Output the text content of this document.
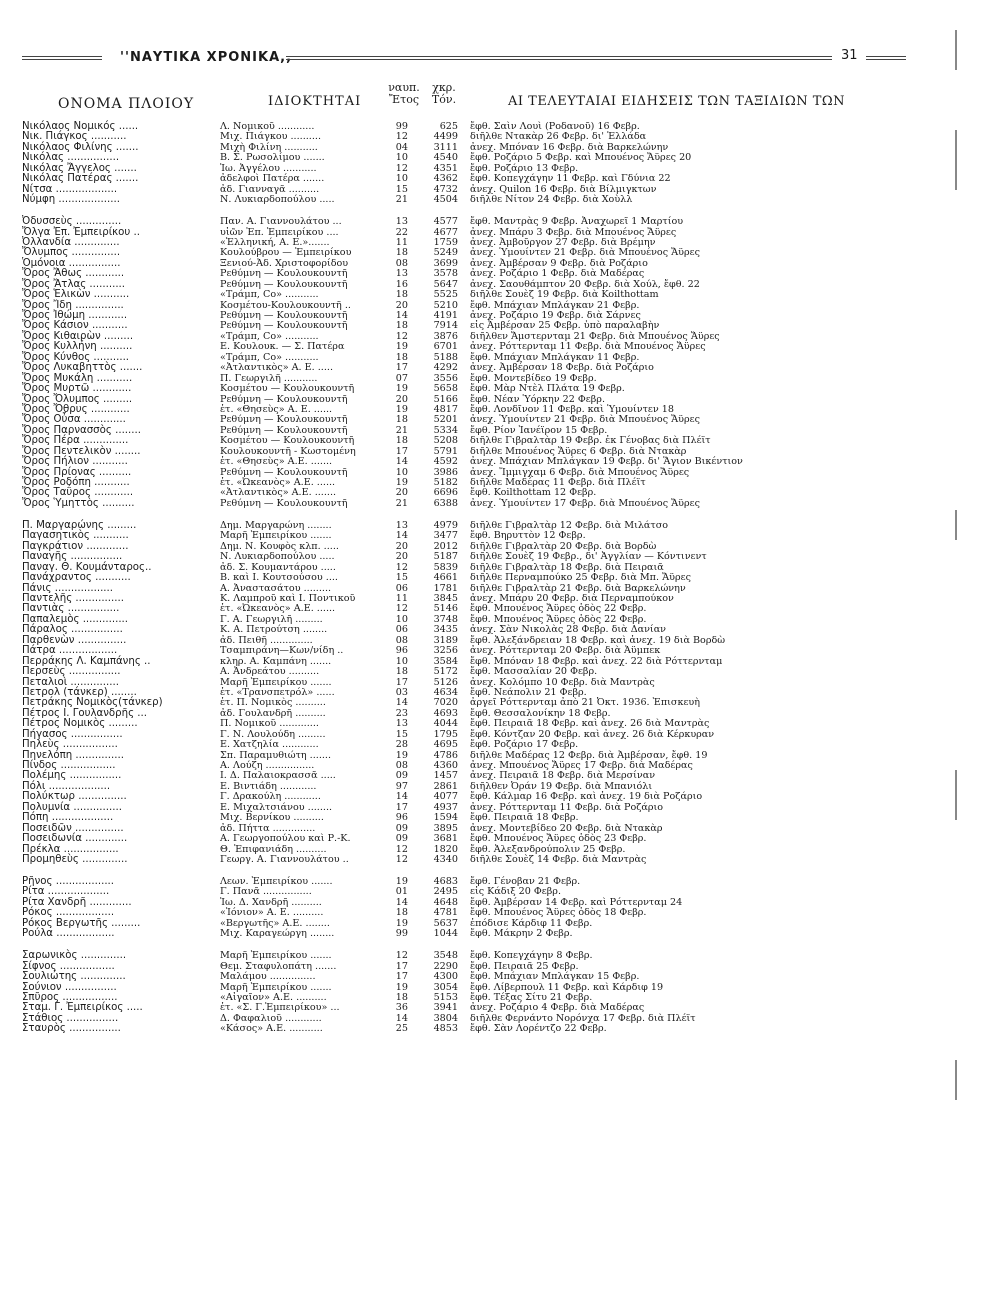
''ΝΑΥΤΙΚΑ ΧΡΟΝΙΚΑ,,	31
ΟΝΟΜΑ ΠΛΟΙΟΥ	ΙΔΙΟΚΤΗΤΑΙ
ναυπ.
Ἔτος
χκρ.
Τόν.	ΑΙ ΤΕΛΕΥΤΑΙΑΙ ΕΙΔΗΣΕΙΣ ΤΩΝ ΤΑΞΙΔΙΩΝ ΤΩΝ
Νικόλαος Νομικός ......	Λ. Νομικοῦ ............	99	625 ἔφθ. Σαὶν Λουὶ (Ροδανοῦ) 16 Φεβρ.
Νικ. Πιάγκος ...........	Μιχ. Πιάγκου ..........	12	4499 διῆλθε Ντακὰρ 26 Φεβρ. δι' Ἑλλάδα
Νικόλαος Φιλίνης .......	Μιχὴ Φιλίνη ...........	04	3111 ἀνεχ. Μπόναν 16 Φεβρ. διὰ Βαρκελώνην
Νικόλας ................	Β. Σ. Ρωσολίμου .......	10	4540 ἔφθ. Ροζάριο 5 Φεβρ. καὶ Μπουένος Ἄϋρες 20
Νικόλας Ἄγγελος .......	Ἰω. Ἀγγέλου ...........	12	4351 ἔφθ. Ροζάριο 13 Φεβρ.
Νικόλας Πατέρας .......	ἀδελφοὶ Πατέρα .......	10	4362 ἔφθ. Κοπεγχάγην 11 Φεβρ. καὶ Γδύνια 22
Νίτσα ...................	ἀδ. Γιανναγᾶ ..........	15	4732 ἀνεχ. Quilon 16 Φεβρ. διὰ Βίλμιγκτων
Νύμφη ...................	Ν. Λυκιαρδοπούλου .....	21	4504 διῆλθε Νίτον 24 Φεβρ. διὰ Χοὺλλ
Ὀδυσσεὺς ..............	Παν. Α. Γιαννουλάτου ...	13	4577 ἔφθ. Μαντρὰς 9 Φεβρ. Ἀναχωρεῖ 1 Μαρτίου
Ὄλγα Ἐπ. Ἐμπειρίκου ..	υἱῶν Ἐπ. Ἐμπειρίκου ....	22	4677 ἀνεχ. Μπάρυ 3 Φεβρ. διὰ Μπουένος Ἄϋρες
Ὀλλανδία ..............	«Ἑλληνική, Α. Ε.».......	11	1759 ἀνεχ. Ἀμβοῦργον 27 Φεβρ. διὰ Βρέμην
Ὄλυμπος ...............	Κουλούβρου — Ἐμπειρίκου	18	5249 ἀνεχ. Ὑμουίντεν 21 Φεβρ. διὰ Μπουένος Ἄϋρες
Ὁμόνοια ................	Ξενιού-Ἀδ. Χριστοφορίδου	08	3699 ἀνεχ. Ἀμβέρσαν 9 Φεβρ. διὰ Ροζάριο
Ὄρος Ἄθως ............	Ρεθύμνη — Κουλουκουντῆ	13	3578 ἀνεχ. Ροζάριο 1 Φεβρ. διὰ Μαδέρας
Ὄρος Ἄτλας ...........	Ρεθύμνη — Κουλουκουντῆ	16	5647 ἀνεχ. Σαουθάμπτον 20 Φεβρ. διὰ Χούλ, ἔφθ. 22
Ὄρος Ἑλικὼν ...........	«Τράμπ, Co» ...........	18	5525 διῆλθε Σουὲζ 19 Φεβρ. διὰ Koilthottam
Ὄρος Ἴδη ...............	Κοσμέτου-Κουλουκουντῆ ..	20	5210 ἔφθ. Μπάχιαν Μπλάγκαν 21 Φεβρ.
Ὄρος Ἰθώμη ............	Ρεθύμνη — Κουλουκουντῆ	14	4191 ἀνεχ. Ροζάριο 19 Φεβρ. διὰ Σάρνες
Ὄρος Κάσιον ...........	Ρεθύμνη — Κουλουκουντῆ	18	7914 εἰς Ἀμβέρσαν 25 Φεβρ. ὑπὸ παραλαβὴν
Ὄρος Κιθαιρὼν .........	«Τράμπ, Co» ...........	12	3876 διῆλθεν Ἄμστερνταμ 21 Φεβρ. διὰ Μπουένος Ἄϋρες
Ὄρος Κυλλήνη ..........	Ε. Κουλουκ. — Σ. Πατέρα	19	6701 ἀνεχ. Ρόττερνταμ 11 Φεβρ. διὰ Μπουένος Ἄϋρες
Ὄρος Κύνθος ...........	«Τράμπ, Co» ...........	18	5188 ἔφθ. Μπάχιαν Μπλάγκαν 11 Φεβρ.
Ὄρος Λυκαβηττὸς .......	«Ἀτλαντικὸς» Α. Ε. .....	17	4292 ἀνεχ. Ἀμβέρσαν 18 Φεβρ. διὰ Ροζάριο
Ὄρος Μυκάλη ...........	Π. Γεωργιλῆ ...........	07	3556 ἔφθ. Μοντεβίδεο 19 Φεβρ.
Ὄρος Μυρτῶ ............	Κοσμέτου — Κουλουκουντῆ	19	5658 ἔφθ. Μὰρ Ντὲλ Πλάτα 19 Φεβρ.
Ὄρος Ὄλυμπος .........	Ρεθύμνη — Κουλουκουντῆ	20	5166 ἔφθ. Νέαν Ὑόρκην 22 Φεβρ.
Ὄρος Ὄθρυς ............	ἑτ. «Θησεὺς» Α. Ε. ......	19	4817 ἔφθ. Λονδῖνον 11 Φεβρ. καὶ Ὑμουίντεν 18
Ὄρος Οὖσα .............	Ρεθύμνη — Κουλουκουντῆ	18	5201 ἀνεχ. Ὑμουίντεν 21 Φεβρ. διὰ Μπουένος Ἄϋρες
Ὄρος Παρνασσὸς ........	Ρεθύμνη — Κουλουκουντῆ	21	5334 ἔφθ. Ρίον Ἰανέϊρον 15 Φεβρ.
Ὄρος Πέρα ..............	Κοσμέτου — Κουλουκουντῆ	18	5208 διῆλθε Γιβραλτὰρ 19 Φεβρ. ἐκ Γένοβας διὰ Πλέϊτ
Ὄρος Πεντελικὸν ........	Κουλουκουντῆ - Κωστομένη	17	5791 διῆλθε Μπουένος Ἄϋρες 6 Φεβρ. διὰ Ντακὰρ
Ὄρος Πήλιον ...........	ἑτ. «Θησεὺς» Α.Ε. .......	14	4592 ἀνεχ. Μπάχιαν Μπλάγκαν 19 Φεβρ. δι' Ἅγιον Βικέντιον
Ὄρος Πρίονας ..........	Ρεθύμνη — Κουλουκουντῆ	10	3986 ἀνεχ. Ἴμμιγχαμ 6 Φεβρ. διὰ Μπουένος Ἄϋρες
Ὄρος Ροδόπη ...........	ἑτ. «Ὠκεανὸς» Α.Ε. ......	19	5182 διῆλθε Μαδέρας 11 Φεβρ. διὰ Πλέϊτ
Ὄρος Ταΰρος ............	«Ἀτλαντικὸς» Α.Ε. .......	20	6696 ἔφθ. Koilthottam 12 Φεβρ.
Ὄρος Ὑμηττὸς ..........	Ρεθύμνη — Κουλουκουντῆ	21	6388 ἀνεχ. Ὑμουίντεν 17 Φεβρ. διὰ Μπουένος Ἄϋρες
Π. Μαργαρώνης .........	Δημ. Μαργαρώνη ........	13	4979 διῆλθε Γιβραλτὰρ 12 Φεβρ. διὰ Μιλάτσο
Παγασητικὸς ...........	Μαρῆ Ἐμπειρίκου .......	14	3477 ἔφθ. Βηρυττὸν 12 Φεβρ.
Παγκράτιον .............	Δημ. Ν. Κουφὸς κλπ. .....	20	2012 διῆλθε Γιβραλτὰρ 20 Φεβρ. διὰ Βορδὼ
Παναγῆς ................	Ν. Λυκιαρδοπούλου .....	20	5187 διῆλθε Σουὲζ 19 Φεβρ., δι' Ἀγγλίαν — Κόντινεντ
Παναγ. Θ. Κουμάνταρος..	ἀδ. Σ. Κουμαντάρου .....	12	5839 διῆλθε Γιβραλτὰρ 18 Φεβρ. διὰ Πειραιᾶ
Πανάχραντος ...........	Β. καὶ Ι. Κουτσούσου ....	15	4661 διῆλθε Περναμπούκο 25 Φεβρ. διὰ Μπ. Ἄϋρες
Πάνις ..................	Α. Ἀναστασάτου .........	06	1781 διῆλθε Γιβραλτὰρ 21 Φεβρ. διὰ Βαρκελώνην
Παντελῆς ...............	Κ. Λαμπροῦ καὶ Ι. Ποντικοῦ	11	3845 ἀνεχ. Μπάρυ 20 Φεβρ. διὰ Περναμπούκον
Παντιὰς ................	ἑτ. «Ὠκεανὸς» Α.Ε. ......	12	5146 ἔφθ. Μπουένος Ἄϋρες ὁδὸς 22 Φεβρ.
Παπαλεμὸς ..............	Γ. Α. Γεωργιλῆ .........	10	3748 ἔφθ. Μπουένος Ἄϋρες ὁδὸς 22 Φεβρ.
Πάραλος ................	Κ. Α. Πετρούτση ........	06	3435 ἀνεχ. Σὰν Νικολὰς 28 Φεβρ. διὰ Δανίαν
Παρθενὼν ...............	ἀδ. Πειθῆ ..............	08	3189 ἔφθ. Ἀλεξάνδρειαν 18 Φεβρ. καὶ ἀνεχ. 19 διὰ Βορδὼ
Πάτρα ..................	Τσαμπιράνη—Κων/νίδη ..	96	3256 ἀνεχ. Ρόττερνταμ 20 Φεβρ. διὰ Ἀϋμπεκ
Περράκης Λ. Καμπάνης ..	κληρ. Α. Καμπάνη .......	10	3584 ἔφθ. Μπόναν 18 Φεβρ. καὶ ἀνεχ. 22 διὰ Ρόττερνταμ
Περσεὺς ................	Α. Ἀνδρεάτου ..........	18	5172 ἔφθ. Μασσαλίαν 20 Φεβρ.
Πεταλιοὶ ...............	Μαρῆ Ἐμπειρίκου .......	17	5126 ἀνεχ. Κολόμπο 10 Φεβρ. διὰ Μαντρὰς
Πετρολ (τάνκερ) ........	ἑτ. «Τρανσπετρόλ» ......	03	4634 ἔφθ. Νεάπολιν 21 Φεβρ.
Πετράκης Νομικὸς(τάνκερ)	ἑτ. Π. Νομικὸς ..........	14	7020 ἀργεῖ Ρόττερνταμ ἀπὸ 21 Ὀκτ. 1936. Ἐπισκευὴ
Πέτρος Ι. Γουλανδρῆς ...	ἀδ. Γουλανδρῆ ..........	23	4693 ἔφθ. Θεσσαλονίκην 18 Φεβρ.
Πέτρος Νομικὸς .........	Π. Νομικοῦ .............	13	4044 ἔφθ. Πειραιᾶ 18 Φεβρ. καὶ ἀνεχ. 26 διὰ Μαντρὰς
Πήγασος ................	Γ. Ν. Λουλούδη .........	15	1795 ἔφθ. Κόντζαν 20 Φεβρ. καὶ ἀνεχ. 26 διὰ Κέρκυραν
Πηλεὺς .................	Ε. Χατζηλία ............	28	4695 ἔφθ. Ροζάριο 17 Φεβρ.
Πηνελόπη ...............	Σπ. Παραμυθιώτη .......	19	4786 διῆλθε Μαδέρας 12 Φεβρ. διὰ Ἀμβέρσαν, ἔφθ. 19
Πίνδος .................	Α. Λούζη ................	08	4360 ἀνεχ. Μπουένος Ἄϋρες 17 Φεβρ. διὰ Μαδέρας
Πολέμης ................	Ι. Δ. Παλαιοκρασσᾶ .....	09	1457 ἀνεχ. Πειραιᾶ 18 Φεβρ. διὰ Μερσίναν
Πόλι ...................	Ε. Βιντιάδη ............	97	2861 διῆλθεν Ὀράν 19 Φεβρ. διὰ Μπανιόλι
Πολύκτωρ ...............	Γ. Δρακούλη ............	14	4077 ἔφθ. Κάλμαρ 16 Φεβρ. καὶ ἀνεχ. 19 διὰ Ροζάριο
Πολυμνία ...............	Ε. Μιχαλτσιάνου ........	17	4937 ἀνεχ. Ρόττερνταμ 11 Φεβρ. διὰ Ροζάριο
Πόπη ...................	Μιχ. Βερνίκου ..........	96	1594 ἔφθ. Πειραιᾶ 18 Φεβρ.
Ποσειδῶν ...............	ἀδ. Πήττα ..............	09	3895 ἀνεχ. Μοντεβίδεο 20 Φεβρ. διὰ Ντακὰρ
Ποσειδωνία .............	Α. Γεωργοπούλου καὶ Ρ.-Κ.	09	3681 ἔφθ. Μπουένος Ἄϋρες ὁδὸς 23 Φεβρ.
Πρέκλα .................	Θ. Ἐπιφανιάδη ..........	12	1820 ἔφθ. Ἀλεξανδρούπολιν 25 Φεβρ.
Προμηθεὺς ..............	Γεωργ. Α. Γιαννουλάτου ..	12	4340 διῆλθε Σουὲζ 14 Φεβρ. διὰ Μαντρὰς
Ρῆνος ..................	Λεων. Ἐμπειρίκου .......	19	4683 ἔφθ. Γένοβαν 21 Φεβρ.
Ρίτα ...................	Γ. Πανᾶ ................	01	2495 εἰς Κάδιξ 20 Φεβρ.
Ρίτα Χανδρῆ .............	Ἰω. Δ. Χανδρῆ ..........	14	4648 ἔφθ. Ἀμβέρσαν 14 Φεβρ. καὶ Ρόττερνταμ 24
Ρόκος ..................	«Ἰόνιον» Α. Ε. ..........	18	4781 ἔφθ. Μπουένος Ἄϋρες ὁδὸς 18 Φεβρ.
Ρόκος Βεργωτῆς .........	«Βεργωτῆς» Α.Ε. ........	19	5637 ἐπόδισε Κάρδιφ 11 Φεβρ.
Ρούλα ..................	Μιχ. Καραγεώργη ........	99	1044 ἔφθ. Μάκρην 2 Φεβρ.
Σαρωνικὸς ..............	Μαρῆ Ἐμπειρίκου .......	12	3548 ἔφθ. Κοπεγχάγην 8 Φεβρ.
Σίφνος .................	Θεμ. Σταφυλοπάτη .......	17	2290 ἔφθ. Πειραιᾶ 25 Φεβρ.
Σουλιώτης ..............	Μαλάμου ...............	17	4300 ἔφθ. Μπάχιαν Μπλάγκαν 15 Φεβρ.
Σούνιον ................	Μαρῆ Ἐμπειρίκου .......	19	3054 ἔφθ. Λίβερπουλ 11 Φεβρ. καὶ Κάρδιφ 19
Σπῦρος .................	«Αἰγαῖον» Α.Ε. ..........	18	5153 ἔφθ. Τέξας Σίτυ 21 Φεβρ.
Σταμ. Γ. Ἐμπειρίκος .....	ἑτ. «Σ. Γ.Ἐμπειρίκου» ...	36	3941 ἀνεχ. Ροζάριο 4 Φεβρ. διὰ Μαδέρας
Στάθιος ................	Δ. Φαφαλιοῦ ............	14	3804 διῆλθε Φερνάντο Νορόνχα 17 Φεβρ. διὰ Πλέϊτ
Σταυρὸς ................	«Κάσος» Α.Ε. ...........	25	4853 ἔφθ. Σὰν Λορέντζο 22 Φεβρ.
